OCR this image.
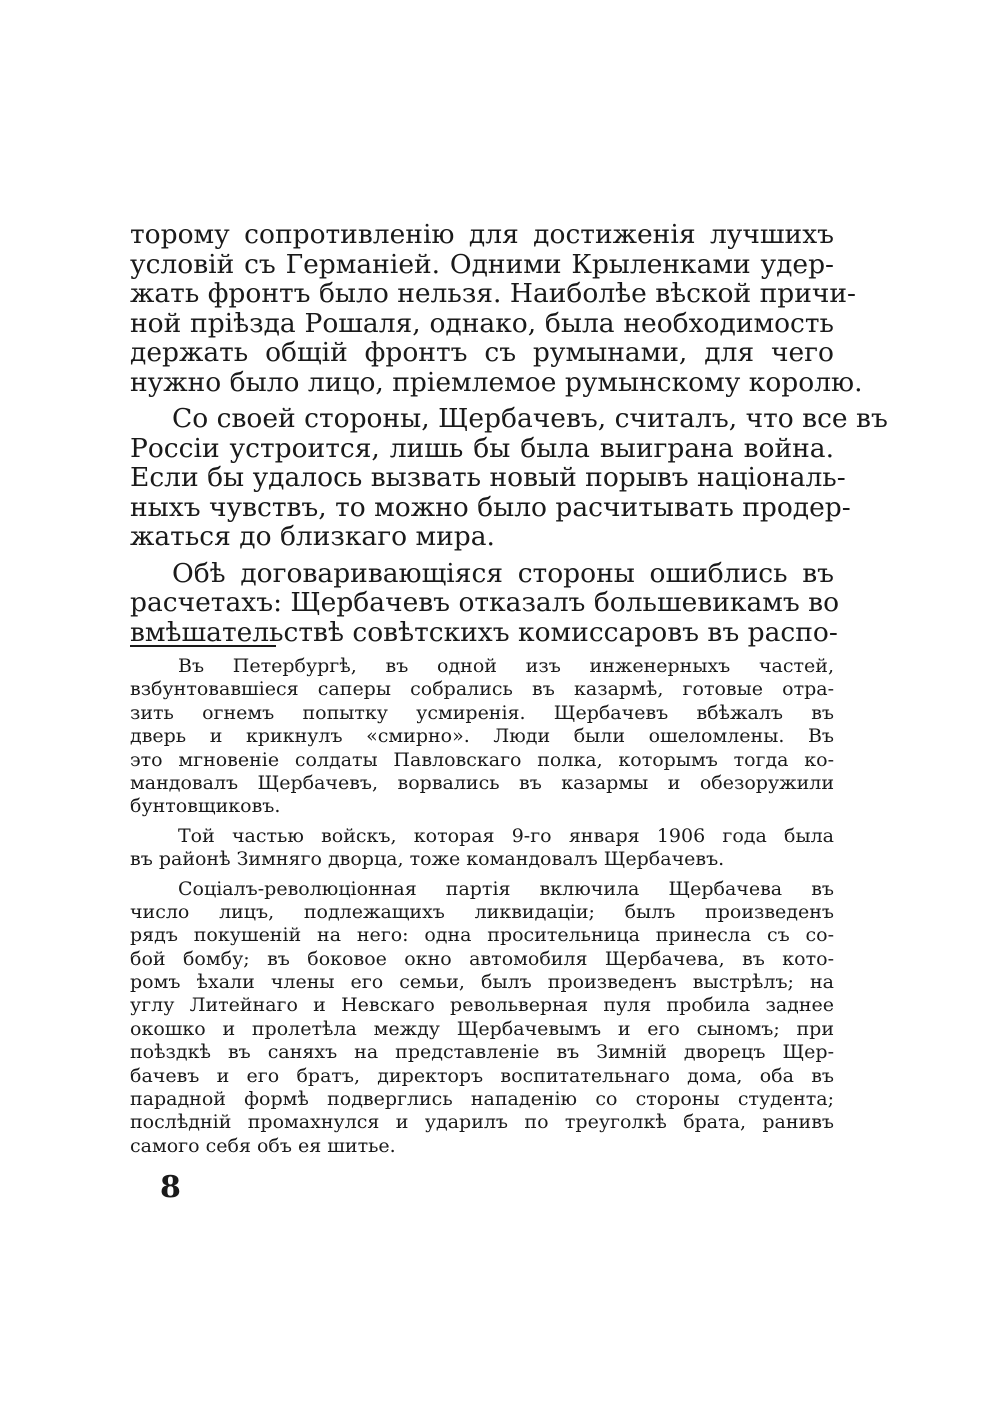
торому сопротивленію для достиженія лучшихъ
условій съ Германіей. Одними Крыленками удер-
жать фронтъ было нельзя. Наиболѣе вѣской причи-
ной пріѣзда Рошаля, однако, была необходимость
держать общій фронтъ съ румынами, для чего
нужно было лицо, пріемлемое румынскому королю.
Со своей стороны, Щербачевъ, считалъ, что все въ
Россіи устроится, лишь бы была выиграна война.
Если бы удалось вызвать новый порывъ національ-
ныхъ чувствъ, то можно было расчитывать продер-
жаться до близкаго мира.
Обѣ договаривающіяся стороны ошиблись въ
расчетахъ: Щербачевъ отказалъ большевикамъ во
вмѣшательствѣ совѣтскихъ комиссаровъ въ распо-
Въ Петербургѣ, въ одной изъ инженерныхъ частей,
взбунтовавшіеся саперы собрались въ казармѣ, готовые отра-
зить огнемъ попытку усмиренія. Щербачевъ вбѣжалъ въ
дверь и крикнулъ «смирно». Люди были ошеломлены. Въ
это мгновеніе солдаты Павловскаго полка, которымъ тогда ко-
мандовалъ Щербачевъ, ворвались въ казармы и обезоружили
бунтовщиковъ.
Той частью войскъ, которая 9-го января 1906 года была
въ районѣ Зимняго дворца, тоже командовалъ Щербачевъ.
Соціалъ-революціонная партія включила Щербачева въ
число лицъ, подлежащихъ ликвидаціи; былъ произведенъ
рядъ покушеній на него: одна просительница принесла съ со-
бой бомбу; въ боковое окно автомобиля Щербачева, въ кото-
ромъ ѣхали члены его семьи, былъ произведенъ выстрѣлъ; на
углу Литейнаго и Невскаго револьверная пуля пробила заднее
окошко и пролетѣла между Щербачевымъ и его сыномъ; при
поѣздкѣ въ саняхъ на представленіе въ Зимній дворецъ Щер-
бачевъ и его братъ, директоръ воспитательнаго дома, оба въ
парадной формѣ подверглись нападенію со стороны студента;
послѣдній промахнулся и ударилъ по треуголкѣ брата, ранивъ
самого себя объ ея шитье.
8
